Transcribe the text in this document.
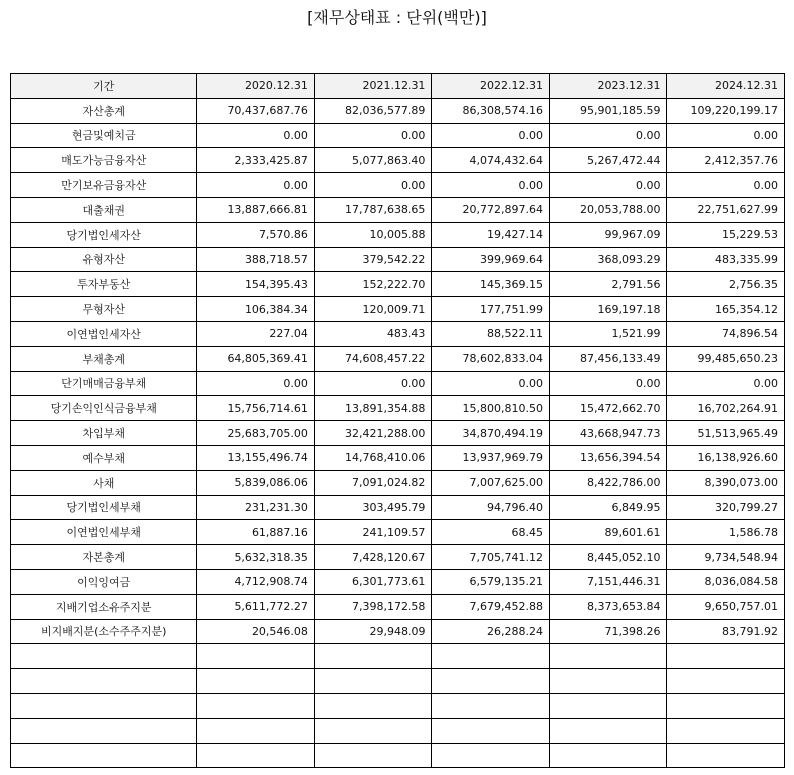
[재무상태표 : 단위(백만)]
기간	2020.12.31	2021.12.31	2022.12.31	2023.12.31	2024.12.31
자산총계	70,437,687.76	82,036,577.89	86,308,574.16	95,901,185.59	109,220,199.17
현금및예치금	0.00	0.00	0.00	0.00	0.00
매도가능금융자산	2,333,425.87	5,077,863.40	4,074,432.64	5,267,472.44	2,412,357.76
만기보유금융자산	0.00	0.00	0.00	0.00	0.00
대출채권	13,887,666.81	17,787,638.65	20,772,897.64	20,053,788.00	22,751,627.99
당기법인세자산	7,570.86	10,005.88	19,427.14	99,967.09	15,229.53
유형자산	388,718.57	379,542.22	399,969.64	368,093.29	483,335.99
투자부동산	154,395.43	152,222.70	145,369.15	2,791.56	2,756.35
무형자산	106,384.34	120,009.71	177,751.99	169,197.18	165,354.12
이연법인세자산	227.04	483.43	88,522.11	1,521.99	74,896.54
부채총계	64,805,369.41	74,608,457.22	78,602,833.04	87,456,133.49	99,485,650.23
단기매매금융부채	0.00	0.00	0.00	0.00	0.00
당기손익인식금융부채	15,756,714.61	13,891,354.88	15,800,810.50	15,472,662.70	16,702,264.91
차입부채	25,683,705.00	32,421,288.00	34,870,494.19	43,668,947.73	51,513,965.49
예수부채	13,155,496.74	14,768,410.06	13,937,969.79	13,656,394.54	16,138,926.60
사채	5,839,086.06	7,091,024.82	7,007,625.00	8,422,786.00	8,390,073.00
당기법인세부채	231,231.30	303,495.79	94,796.40	6,849.95	320,799.27
이연법인세부채	61,887.16	241,109.57	68.45	89,601.61	1,586.78
자본총계	5,632,318.35	7,428,120.67	7,705,741.12	8,445,052.10	9,734,548.94
이익잉여금	4,712,908.74	6,301,773.61	6,579,135.21	7,151,446.31	8,036,084.58
지배기업소유주지분	5,611,772.27	7,398,172.58	7,679,452.88	8,373,653.84	9,650,757.01
비지배지분(소수주주지분)	20,546.08	29,948.09	26,288.24	71,398.26	83,791.92
